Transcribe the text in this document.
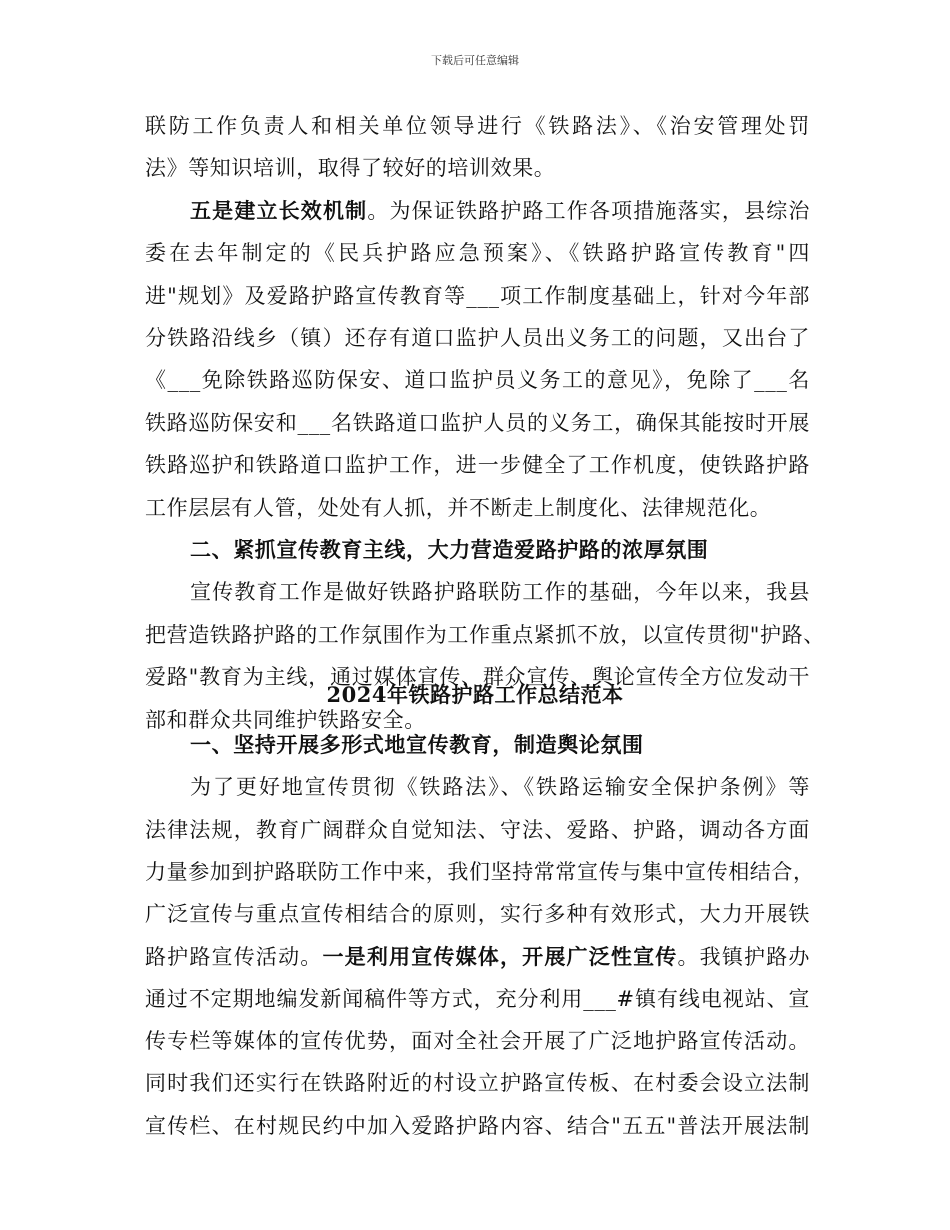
下载后可任意编辑
联防工作负责人和相关单位领导进行《铁路法》、《治安管理处罚
法》等知识培训，取得了较好的培训效果。
五是建立长效机制。为保证铁路护路工作各项措施落实，县综治
委在去年制定的《民兵护路应急预案》、《铁路护路宣传教育"四
进"规划》及爱路护路宣传教育等___项工作制度基础上，针对今年部
分铁路沿线乡（镇）还存有道口监护人员出义务工的问题，又出台了
《___免除铁路巡防保安、道口监护员义务工的意见》，免除了___名
铁路巡防保安和___名铁路道口监护人员的义务工，确保其能按时开展
铁路巡护和铁路道口监护工作，进一步健全了工作机度，使铁路护路
工作层层有人管，处处有人抓，并不断走上制度化、法律规范化。
二、紧抓宣传教育主线，大力营造爱路护路的浓厚氛围
宣传教育工作是做好铁路护路联防工作的基础，今年以来，我县
把营造铁路护路的工作氛围作为工作重点紧抓不放，以宣传贯彻"护路、
爱路"教育为主线，通过媒体宣传、群众宣传、舆论宣传全方位发动干
部和群众共同维护铁路安全。
2024年铁路护路工作总结范本
一、坚持开展多形式地宣传教育，制造舆论氛围
为了更好地宣传贯彻《铁路法》、《铁路运输安全保护条例》等
法律法规，教育广阔群众自觉知法、守法、爱路、护路，调动各方面
力量参加到护路联防工作中来，我们坚持常常宣传与集中宣传相结合，
广泛宣传与重点宣传相结合的原则，实行多种有效形式，大力开展铁
路护路宣传活动。一是利用宣传媒体，开展广泛性宣传。我镇护路办
通过不定期地编发新闻稿件等方式，充分利用___#镇有线电视站、宣
传专栏等媒体的宣传优势，面对全社会开展了广泛地护路宣传活动。
同时我们还实行在铁路附近的村设立护路宣传板、在村委会设立法制
宣传栏、在村规民约中加入爱路护路内容、结合"五五"普法开展法制
